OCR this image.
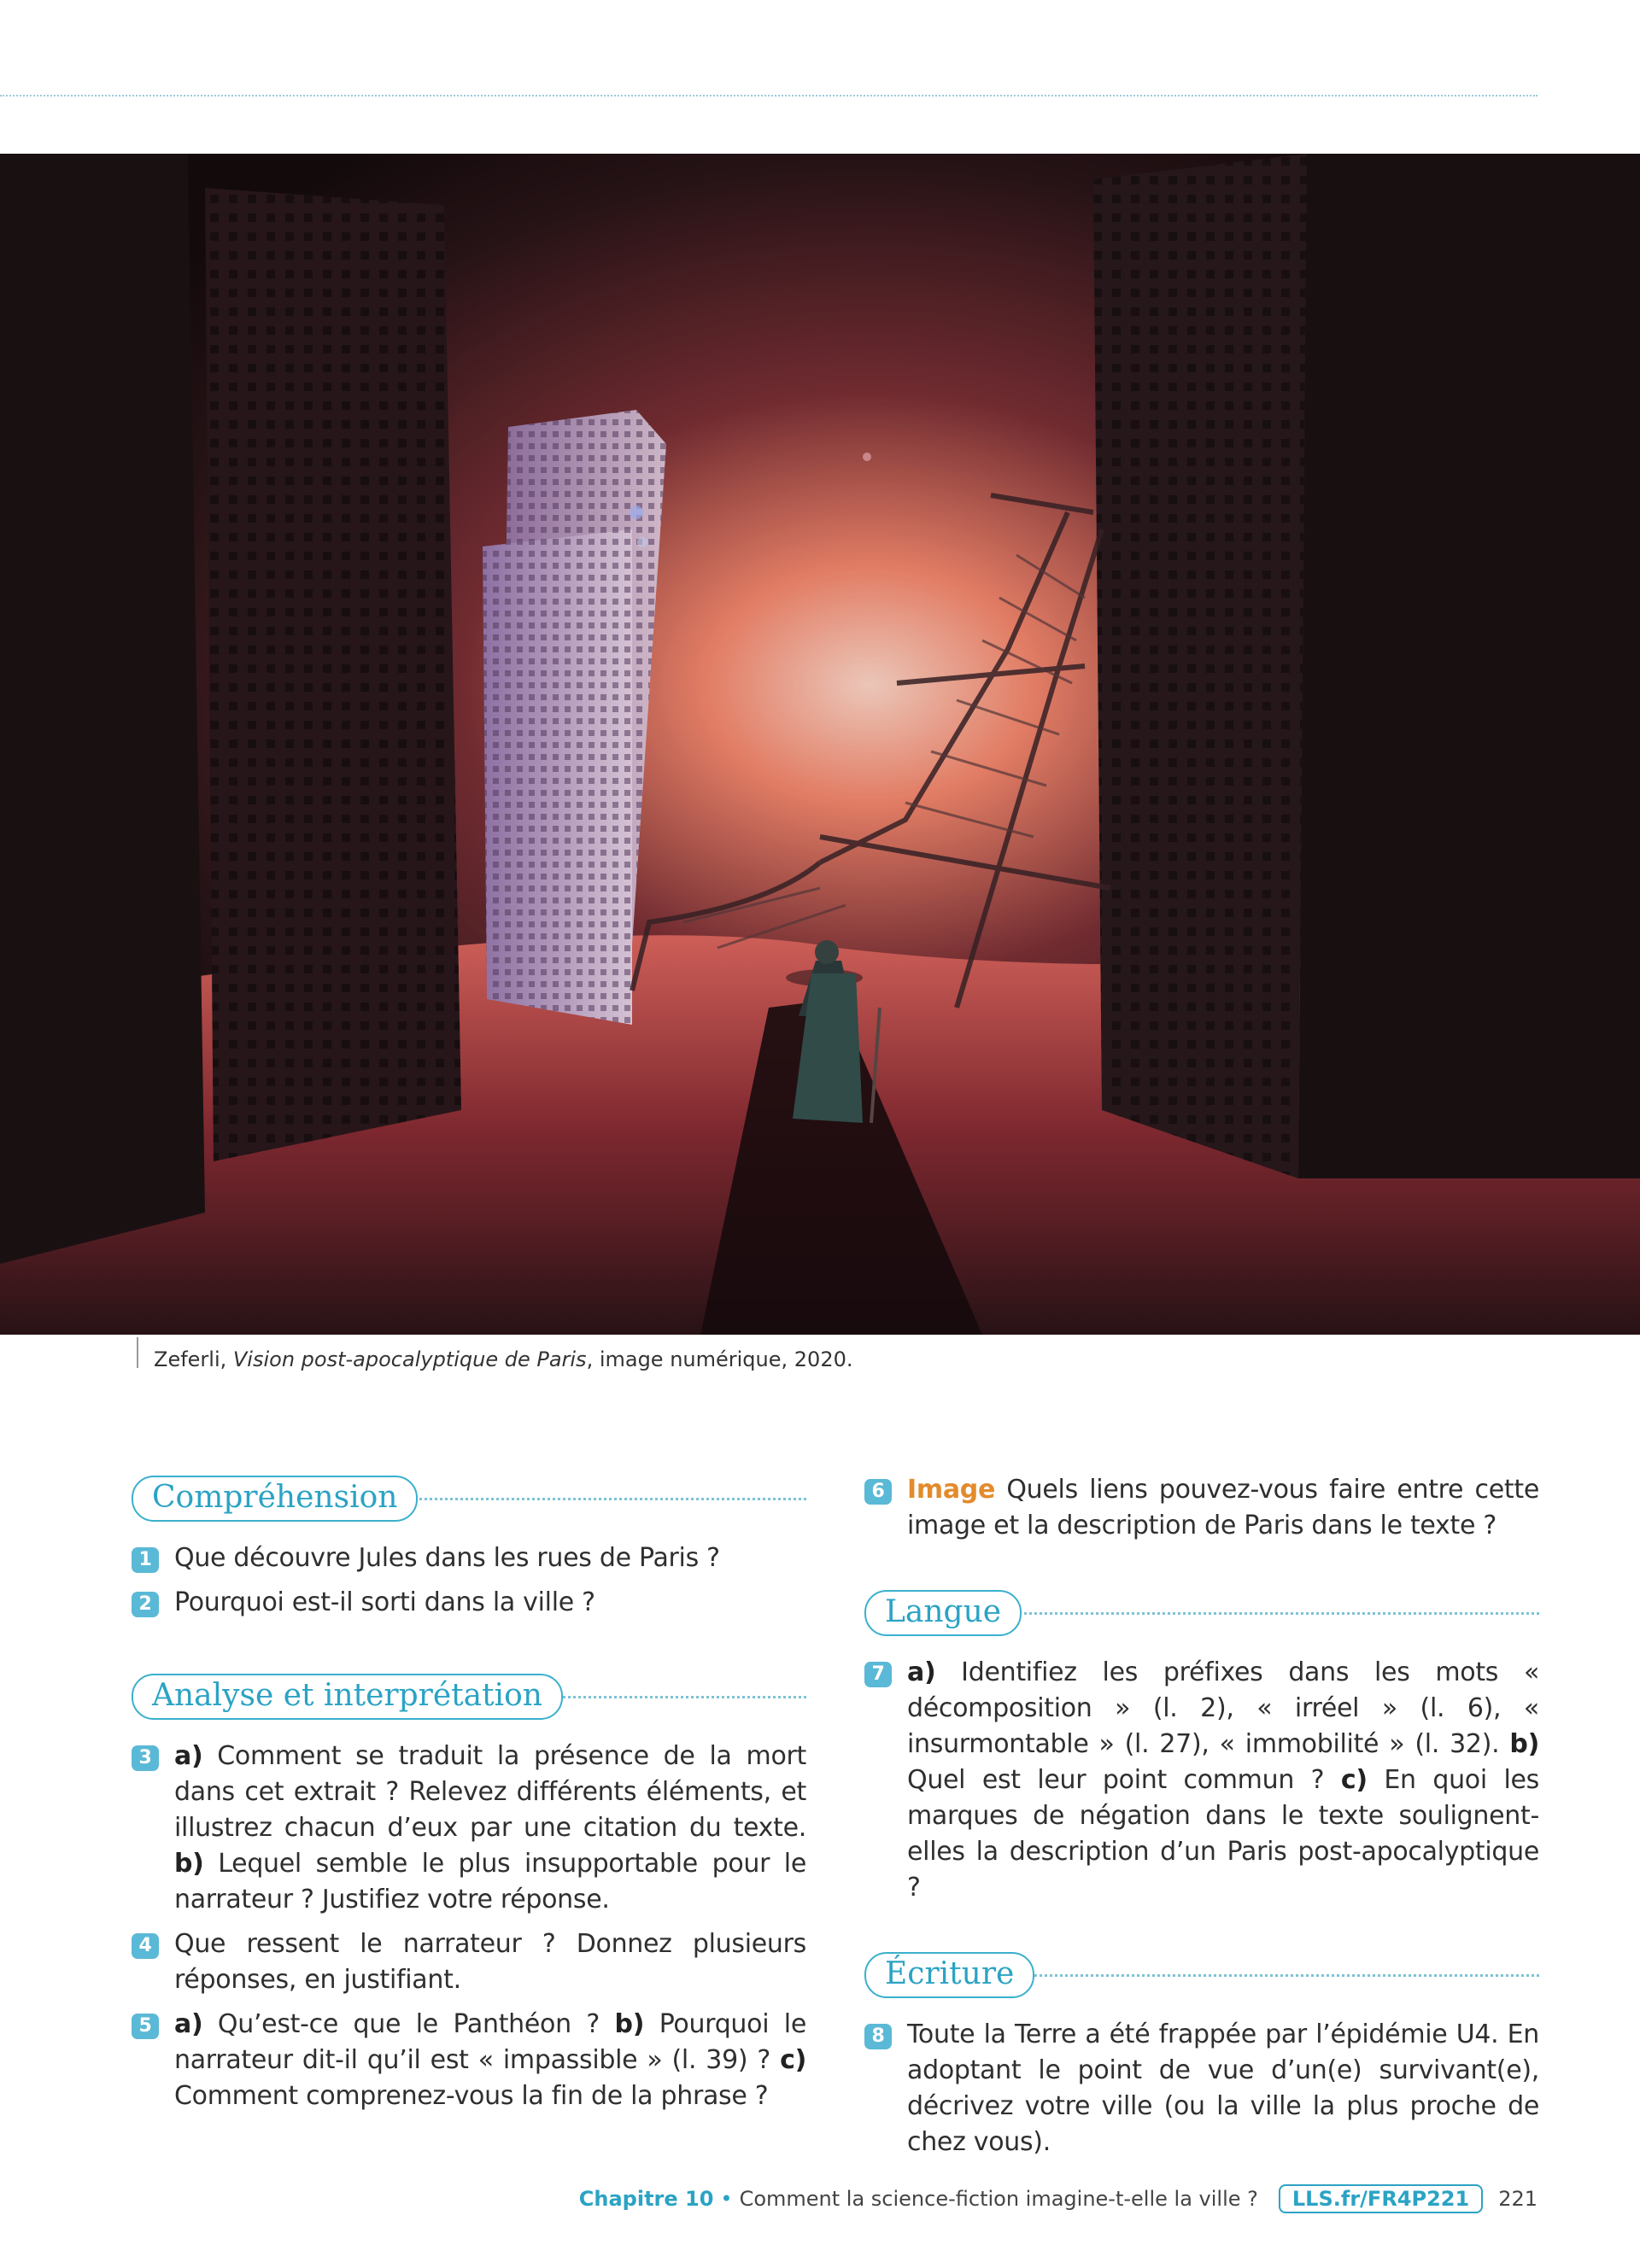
Zeferli, Vision post-apocalyptique de Paris, image numérique, 2020.
Compréhension
1 Que découvre Jules dans les rues de Paris ?
2 Pourquoi est-il sorti dans la ville ?
Analyse et interprétation
3 a) Comment se traduit la présence de la mort dans cet extrait ? Relevez différents éléments, et illustrez chacun d’eux par une citation du texte. b) Lequel semble le plus insupportable pour le narrateur ? Justifiez votre réponse.
4 Que ressent le narrateur ? Donnez plusieurs réponses, en justifiant.
5 a) Qu’est-ce que le Panthéon ? b) Pourquoi le narrateur dit-il qu’il est « impassible » (l. 39) ? c) Comment comprenez-vous la fin de la phrase ?
6 Image Quels liens pouvez-vous faire entre cette image et la description de Paris dans le texte ?
Langue
7 a) Identifiez les préfixes dans les mots « décomposition » (l. 2), « irréel » (l. 6), « insurmontable » (l. 27), « immobilité » (l. 32). b) Quel est leur point commun ? c) En quoi les marques de négation dans le texte soulignent-elles la description d’un Paris post-apocalyptique ?
Écriture
8 Toute la Terre a été frappée par l’épidémie U4. En adoptant le point de vue d’un(e) survivant(e), décrivez votre ville (ou la ville la plus proche de chez vous).
Chapitre 10 • Comment la science-fiction imagine-t-elle la ville ?	LLS.fr/FR4P221	221
